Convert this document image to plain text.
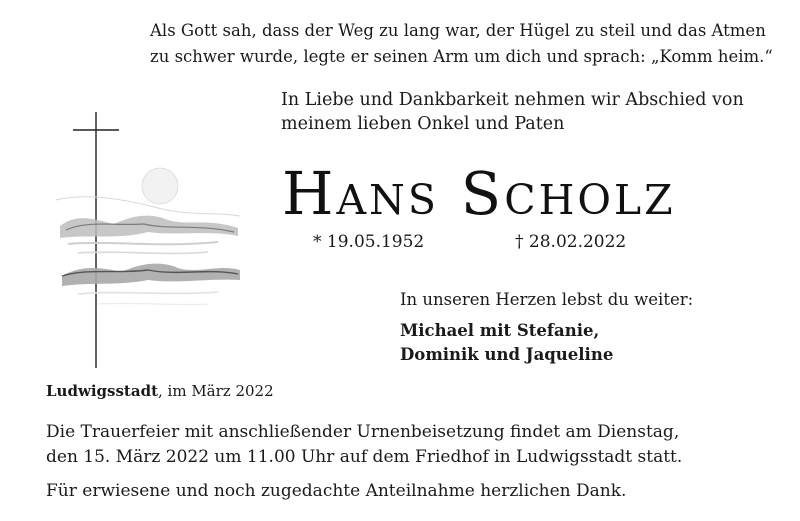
Als Gott sah, dass der Weg zu lang war, der Hügel zu steil und das Atmen
zu schwer wurde, legte er seinen Arm um dich und sprach: „Komm heim.“
In Liebe und Dankbarkeit nehmen wir Abschied von
meinem lieben Onkel und Paten
Hans Scholz
* 19.05.1952	† 28.02.2022
In unseren Herzen lebst du weiter:
Michael mit Stefanie,
Dominik und Jaqueline
Ludwigsstadt, im März 2022
Die Trauerfeier mit anschließender Urnenbeisetzung findet am Dienstag,
den 15. März 2022 um 11.00 Uhr auf dem Friedhof in Ludwigsstadt statt.
Für erwiesene und noch zugedachte Anteilnahme herzlichen Dank.
